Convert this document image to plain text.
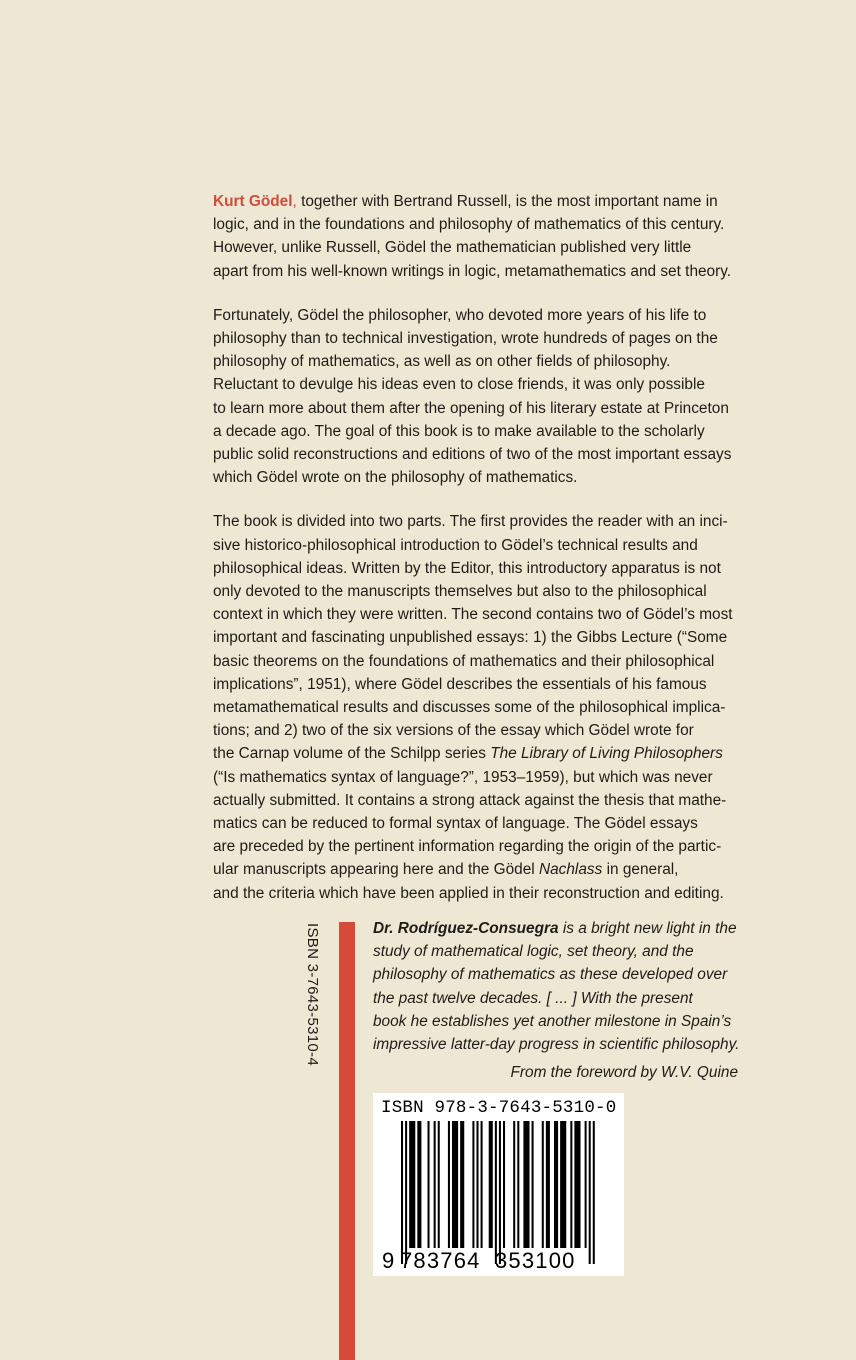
Kurt Gödel, together with Bertrand Russell, is the most important name in
logic, and in the foundations and philosophy of mathematics of this century.
However, unlike Russell, Gödel the mathematician published very little
apart from his well-known writings in logic, metamathematics and set theory.

Fortunately, Gödel the philosopher, who devoted more years of his life to
philosophy than to technical investigation, wrote hundreds of pages on the
philosophy of mathematics, as well as on other fields of philosophy.
Reluctant to devulge his ideas even to close friends, it was only possible
to learn more about them after the opening of his literary estate at Princeton
a decade ago. The goal of this book is to make available to the scholarly
public solid reconstructions and editions of two of the most important essays
which Gödel wrote on the philosophy of mathematics.

The book is divided into two parts. The first provides the reader with an inci-
sive historico-philosophical introduction to Gödel’s technical results and
philosophical ideas. Written by the Editor, this introductory apparatus is not
only devoted to the manuscripts themselves but also to the philosophical
context in which they were written. The second contains two of Gödel’s most
important and fascinating unpublished essays: 1) the Gibbs Lecture (“Some
basic theorems on the foundations of mathematics and their philosophical
implications”, 1951), where Gödel describes the essentials of his famous
metamathematical results and discusses some of the philosophical implica-
tions; and 2) two of the six versions of the essay which Gödel wrote for
the Carnap volume of the Schilpp series The Library of Living Philosophers
(“Is mathematics syntax of language?”, 1953–1959), but which was never
actually submitted. It contains a strong attack against the thesis that mathe-
matics can be reduced to formal syntax of language. The Gödel essays
are preceded by the pertinent information regarding the origin of the partic-
ular manuscripts appearing here and the Gödel Nachlass in general,
and the criteria which have been applied in their reconstruction and editing.

ISBN 3-7643-5310-4	Dr. Rodríguez-Consuegra is a bright new light in the
study of mathematical logic, set theory, and the
philosophy of mathematics as these developed over
the past twelve decades. [ ... ] With the present
book he establishes yet another milestone in Spain’s
impressive latter-day progress in scientific philosophy.
From the foreword by W.V. Quine
ISBN 978-3-7643-5310-0
9 783764 353100
